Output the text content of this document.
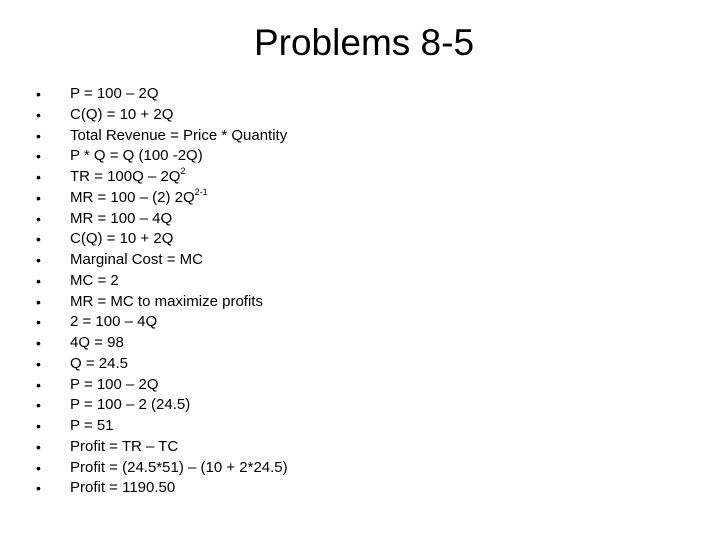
Problems 8-5
•	P = 100 – 2Q
•	C(Q) = 10 + 2Q
•	Total Revenue = Price * Quantity
•	P * Q = Q (100 -2Q)
•	TR = $100Q - 2Q^2$
•	MR = 100 – (2) $2Q^{2-1}$
•	MR = 100 – 4Q
•	C(Q) = 10 + 2Q
•	Marginal Cost = MC
•	MC = 2
•	MR = MC to maximize profits
•	2 = 100 – 4Q
•	4Q = 98
•	Q = 24.5
•	P = 100 – 2Q
•	P = 100 – 2 (24.5)
•	P = 51
•	Profit = TR – TC
•	Profit = (24.5*51) – (10 + 2*24.5)
•	Profit = 1190.50
